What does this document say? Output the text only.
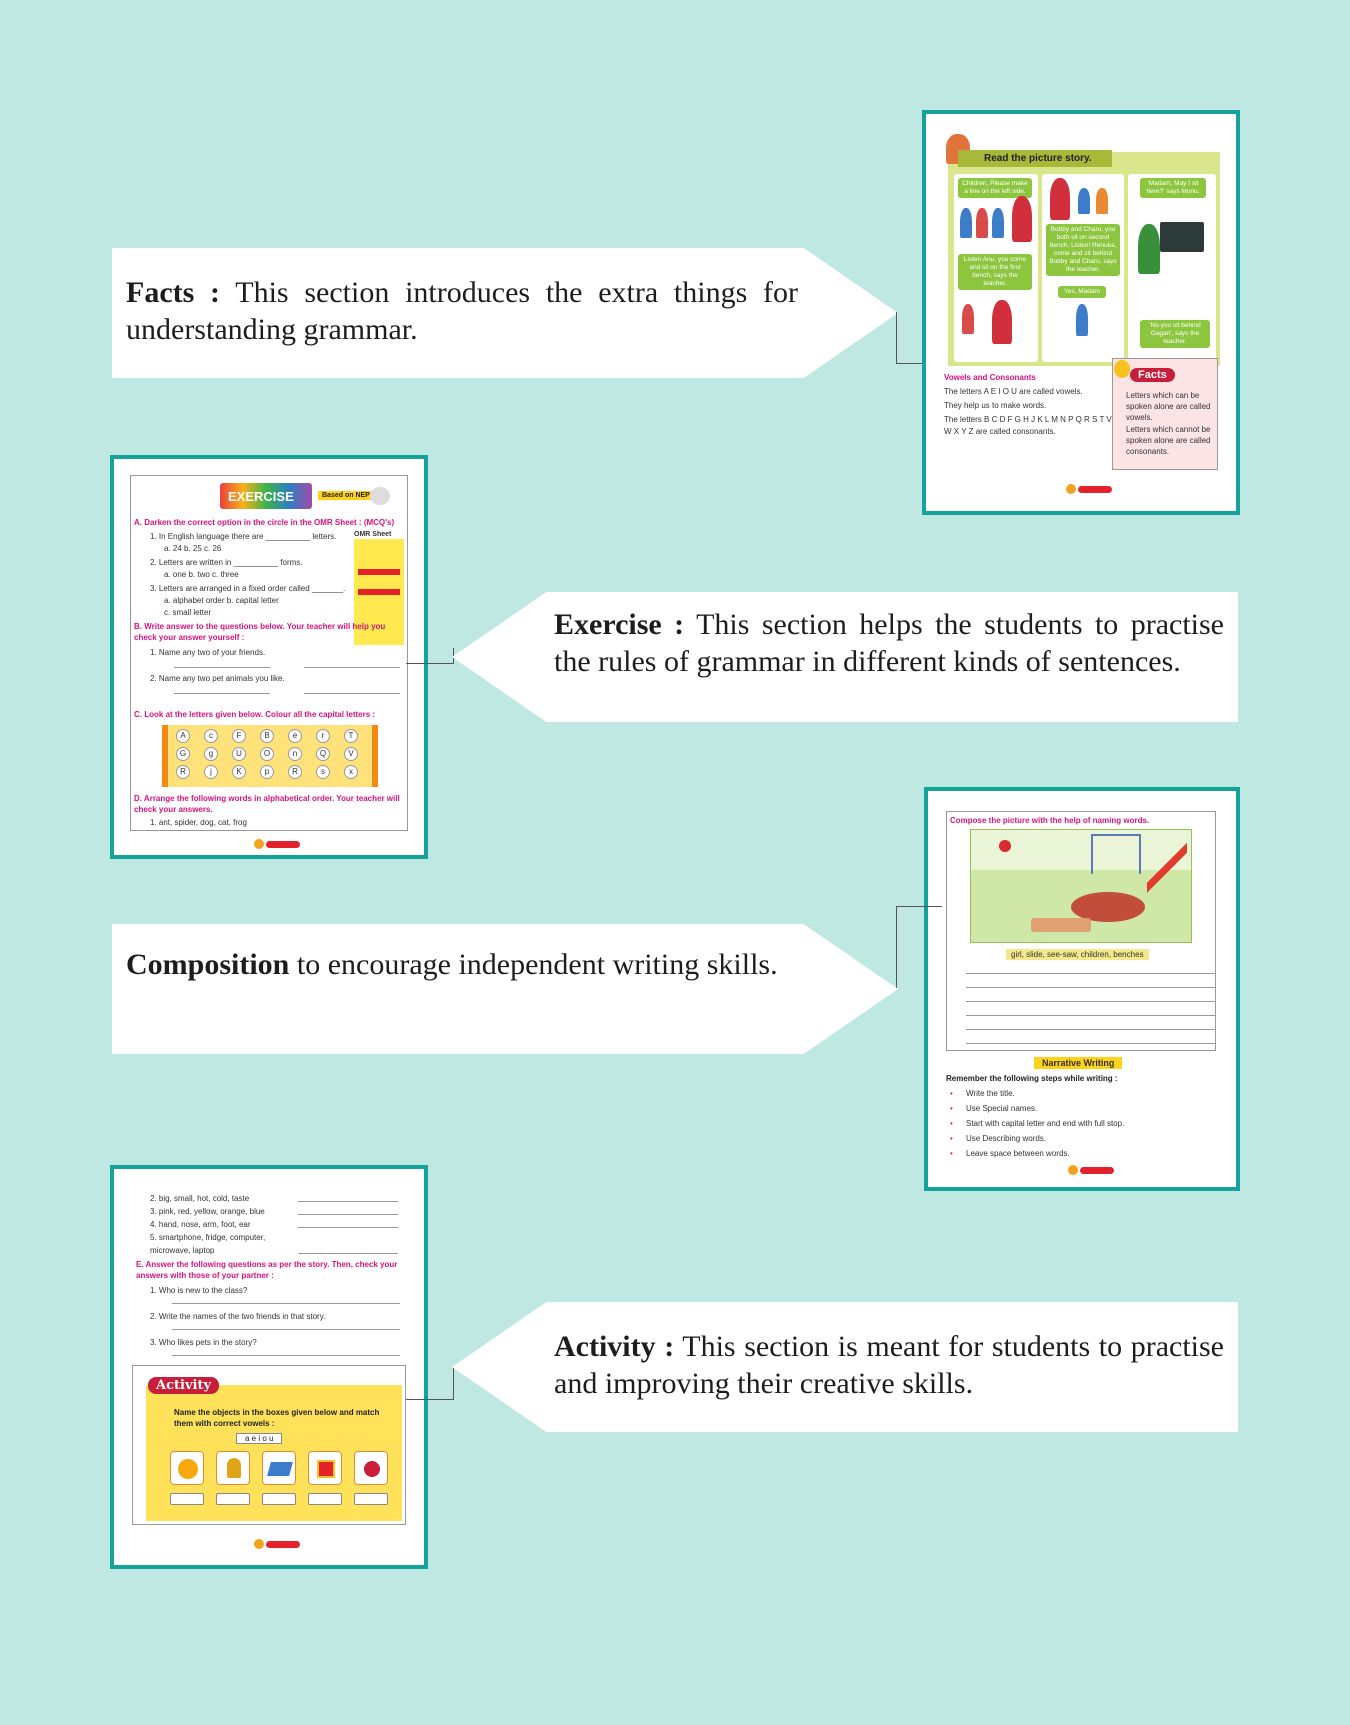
Facts : This section introduces the extra things for understanding grammar.
Read the picture story.
Children, Please make a line on the left side.
Bobby and Charu, you both sit on second bench. Listen! Renuka, come and sit behind Bobby and Charu, says the teacher.
'Madam, May I sit here?' says Monu.
Listen Anu, you come and sit on the first bench, says the teacher.
Yes, Madam
'No you sit behind Gagan', says the teacher.
Vowels and Consonants
The letters A E I O U are called vowels.
They help us to make words.
The letters B C D F G H J K L M N P Q R S T V
W X Y Z are called consonants.
Facts
Letters which can be spoken alone are called vowels.
Letters which cannot be spoken alone are called consonants.
EXERCISE	Based on NEP
A. Darken the correct option in the circle in the OMR Sheet : (MCQ's)
1. In English language there are __________ letters.
a. 24 b. 25 c. 26
2. Letters are written in __________ forms.
a. one b. two c. three
3. Letters are arranged in a fixed order called _______.
a. alphabet order b. capital letter
c. small letter
OMR Sheet
B. Write answer to the questions below. Your teacher will help you check your answer yourself :
1. Name any two of your friends.
2. Name any two pet animals you like.
C. Look at the letters given below. Colour all the capital letters :
D. Arrange the following words in alphabetical order. Your teacher will check your answers.
1. ant, spider, dog, cat, frog
A	c	F	B	e	r	T
G	g	U	O	n	Q	V
R	j	K	p	R	s	x
Exercise : This section helps the students to practise the rules of grammar in different kinds of sentences.
Compose the picture with the help of naming words.
girl, slide, see-saw, children, benches
Narrative Writing
Remember the following steps while writing :
• Write the title.
• Use Special names.
• Start with capital letter and end with full stop.
• Use Describing words.
• Leave space between words.
Composition to encourage independent writing skills.
2. big, small, hot, cold, taste
3. pink, red, yellow, orange, blue
4. hand, nose, arm, foot, ear
5. smartphone, fridge, computer,
microwave, laptop
E. Answer the following questions as per the story. Then, check your answers with those of your partner :
1. Who is new to the class?
2. Write the names of the two friends in that story.
3. Who likes pets in the story?
Activity
Name the objects in the boxes given below and match them with correct vowels :
a e i o u
Activity : This section is meant for students to practise and improving their creative skills.
